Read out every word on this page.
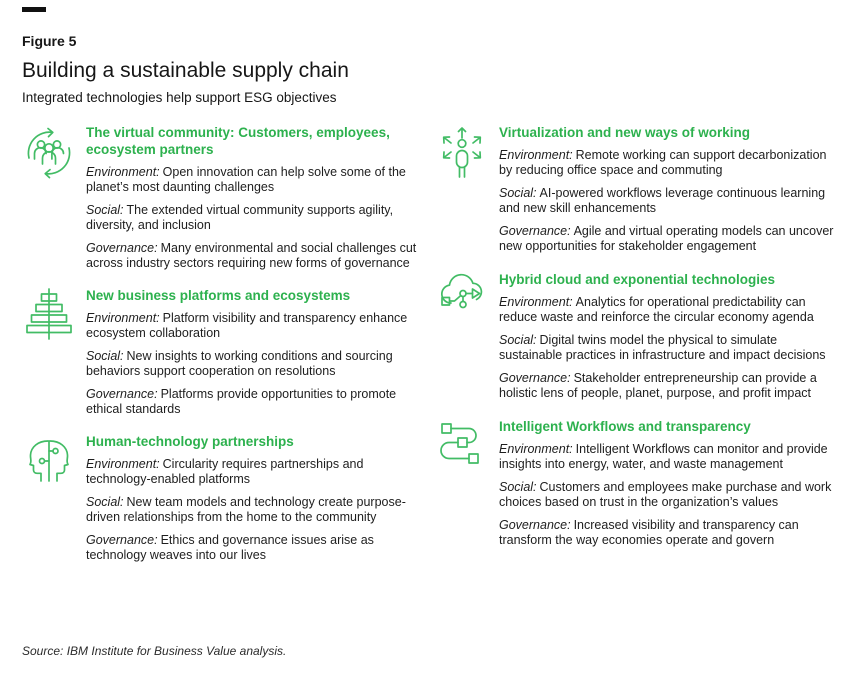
Figure 5
Building a sustainable supply chain
Integrated technologies help support ESG objectives
The virtual community: Customers, employees, ecosystem partners

Environment: Open innovation can help solve some of the planet’s most daunting challenges

Social: The extended virtual community supports agility, diversity, and inclusion

Governance: Many environmental and social challenges cut across industry sectors requiring new forms of governance

New business platforms and ecosystems

Environment: Platform visibility and transparency enhance ecosystem collaboration

Social: New insights to working conditions and sourcing behaviors support cooperation on resolutions

Governance: Platforms provide opportunities to promote ethical standards

Human-technology partnerships

Environment: Circularity requires partnerships and technology-enabled platforms

Social: New team models and technology create purpose-driven relationships from the home to the community

Governance: Ethics and governance issues arise as technology weaves into our lives

Virtualization and new ways of working

Environment: Remote working can support decarbonization by reducing office space and commuting

Social: AI-powered workflows leverage continuous learning and new skill enhancements

Governance: Agile and virtual operating models can uncover new opportunities for stakeholder engagement

Hybrid cloud and exponential technologies

Environment: Analytics for operational predictability can reduce waste and reinforce the circular economy agenda

Social: Digital twins model the physical to simulate sustainable practices in infrastructure and impact decisions

Governance: Stakeholder entrepreneurship can provide a holistic lens of people, planet, purpose, and profit impact

Intelligent Workflows and transparency

Environment: Intelligent Workflows can monitor and provide insights into energy, water, and waste management

Social: Customers and employees make purchase and work choices based on trust in the organization’s values

Governance: Increased visibility and transparency can transform the way economies operate and govern

Source: IBM Institute for Business Value analysis.
